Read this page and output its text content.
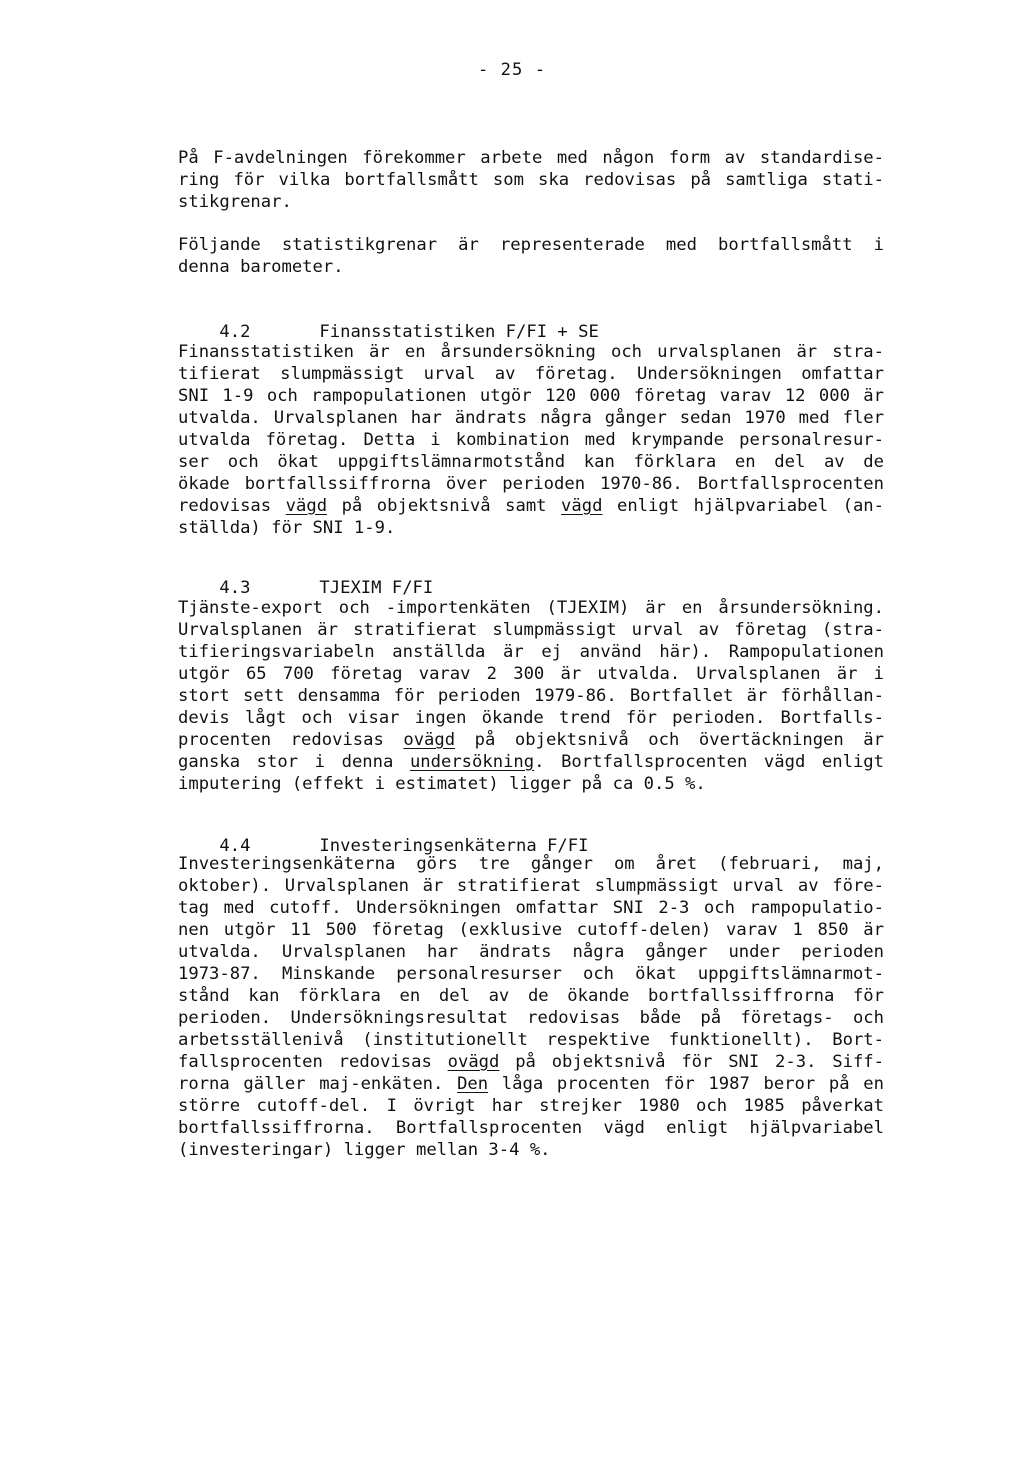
- 25 -
På F-avdelningen förekommer arbete med någon form av standardise-
ring för vilka bortfallsmått som ska redovisas på samtliga stati-
stikgrenar.
Följande statistikgrenar är representerade med bortfallsmått i
denna barometer.

4.2	Finansstatistiken F/FI + SE

Finansstatistiken är en årsundersökning och urvalsplanen är stra-
tifierat slumpmässigt urval av företag. Undersökningen omfattar
SNI 1-9 och rampopulationen utgör 120 000 företag varav 12 000 är
utvalda. Urvalsplanen har ändrats några gånger sedan 1970 med fler
utvalda företag. Detta i kombination med krympande personalresur-
ser och ökat uppgiftslämnarmotstånd kan förklara en del av de
ökade bortfallssiffrorna över perioden 1970-86. Bortfallsprocenten
redovisas vägd på objektsnivå samt vägd enligt hjälpvariabel (an-
ställda) för SNI 1-9.

4.3	TJEXIM F/FI

Tjänste-export och -importenkäten (TJEXIM) är en årsundersökning.
Urvalsplanen är stratifierat slumpmässigt urval av företag (stra-
tifieringsvariabeln anställda är ej använd här). Rampopulationen
utgör 65 700 företag varav 2 300 är utvalda. Urvalsplanen är i
stort sett densamma för perioden 1979-86. Bortfallet är förhållan-
devis lågt och visar ingen ökande trend för perioden. Bortfalls-
procenten redovisas ovägd på objektsnivå och övertäckningen är
ganska stor i denna undersökning. Bortfallsprocenten vägd enligt
imputering (effekt i estimatet) ligger på ca 0.5 %.

4.4	Investeringsenkäterna F/FI

Investeringsenkäterna görs tre gånger om året (februari, maj,
oktober). Urvalsplanen är stratifierat slumpmässigt urval av före-
tag med cutoff. Undersökningen omfattar SNI 2-3 och rampopulatio-
nen utgör 11 500 företag (exklusive cutoff-delen) varav 1 850 är
utvalda. Urvalsplanen har ändrats några gånger under perioden
1973-87. Minskande personalresurser och ökat uppgiftslämnarmot-
stånd kan förklara en del av de ökande bortfallssiffrorna för
perioden. Undersökningsresultat redovisas både på företags- och
arbetsställenivå (institutionellt respektive funktionellt). Bort-
fallsprocenten redovisas ovägd på objektsnivå för SNI 2-3. Siff-
rorna gäller maj-enkäten. Den låga procenten för 1987 beror på en
större cutoff-del. I övrigt har strejker 1980 och 1985 påverkat
bortfallssiffrorna. Bortfallsprocenten vägd enligt hjälpvariabel
(investeringar) ligger mellan 3-4 %.
